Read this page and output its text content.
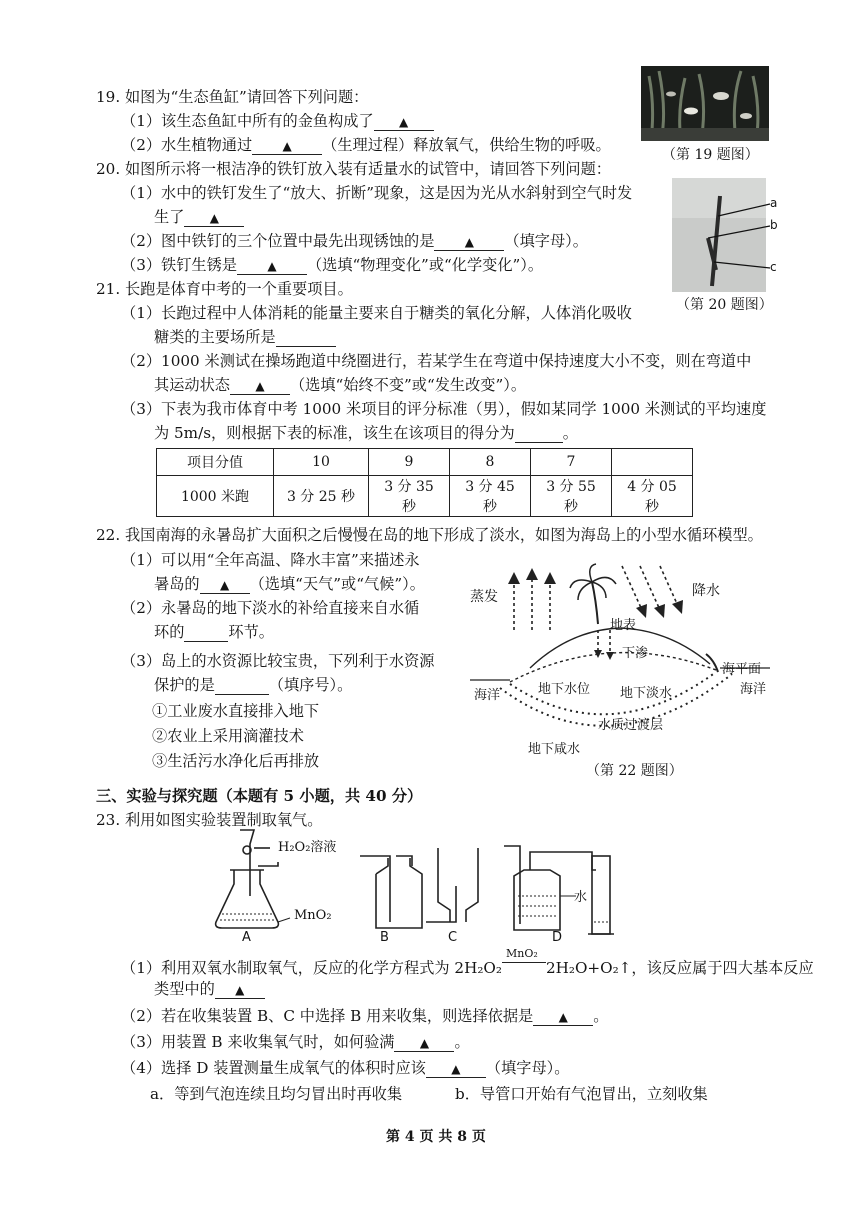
19. 如图为“生态鱼缸”请回答下列问题：
（1）该生态鱼缸中所有的金鱼构成了 ▲
（2）水生植物通过	▲ （生理过程）释放氧气，供给生物的呼吸。
（第 19 题图）
20. 如图所示将一根洁净的铁钉放入装有适量水的试管中，请回答下列问题：
（1）水中的铁钉发生了“放大、折断”现象，这是因为光从水斜射到空气时发
生了 ▲
（2）图中铁钉的三个位置中最先出现锈蚀的是	▲ （填字母）。
（3）铁钉生锈是	▲ （选填“物理变化”或“化学变化”）。
a
b
c
（第 20 题图）
21. 长跑是体育中考的一个重要项目。
（1）长跑过程中人体消耗的能量主要来自于糖类的氧化分解，人体消化吸收
糖类的主要场所是
（2）1000 米测试在操场跑道中绕圈进行，若某学生在弯道中保持速度大小不变，则在弯道中
其运动状态 ▲ （选填“始终不变”或“发生改变”）。
（3）下表为我市体育中考 1000 米项目的评分标准（男），假如某同学 1000 米测试的平均速度
为 5m/s，则根据下表的标准，该生在该项目的得分为	。
项目分值	10	9	8	7	
1000 米跑	3 分 25 秒	3 分 35 秒	3 分 45 秒	3 分 55 秒	4 分 05 秒
22. 我国南海的永暑岛扩大面积之后慢慢在岛的地下形成了淡水，如图为海岛上的小型水循环模型。
（1）可以用“全年高温、降水丰富”来描述永
暑岛的 ▲ （选填“天气”或“气候”）。
（2）永暑岛的地下淡水的补给直接来自水循
环的	环节。
（3）岛上的水资源比较宝贵，下列利于水资源
保护的是	（填序号）。
①工业废水直接排入地下
②农业上采用滴灌技术
③生活污水净化后再排放
蒸发	降水
地表
下渗
海平面
海洋	海洋
地下水位 地下淡水
水质过渡层
地下咸水
（第 22 题图）
三、实验与探究题（本题有 5 小题，共 40 分）
23. 利用如图实验装置制取氧气。
H₂O₂溶液
MnO₂
水
A	B	C	D
（1）利用双氧水制取氧气，反应的化学方程式为 2H₂O₂
MnO₂
2H₂O+O₂↑，该反应属于四大基本反应
类型中的 ▲
（2）若在收集装置 B、C 中选择 B 用来收集，则选择依据是 ▲ 。
（3）用装置 B 来收集氧气时，如何验满 ▲ 。
（4）选择 D 装置测量生成氧气的体积时应该 ▲ （填字母）。
a．等到气泡连续且均匀冒出时再收集	b．导管口开始有气泡冒出，立刻收集
第 4 页 共 8 页
